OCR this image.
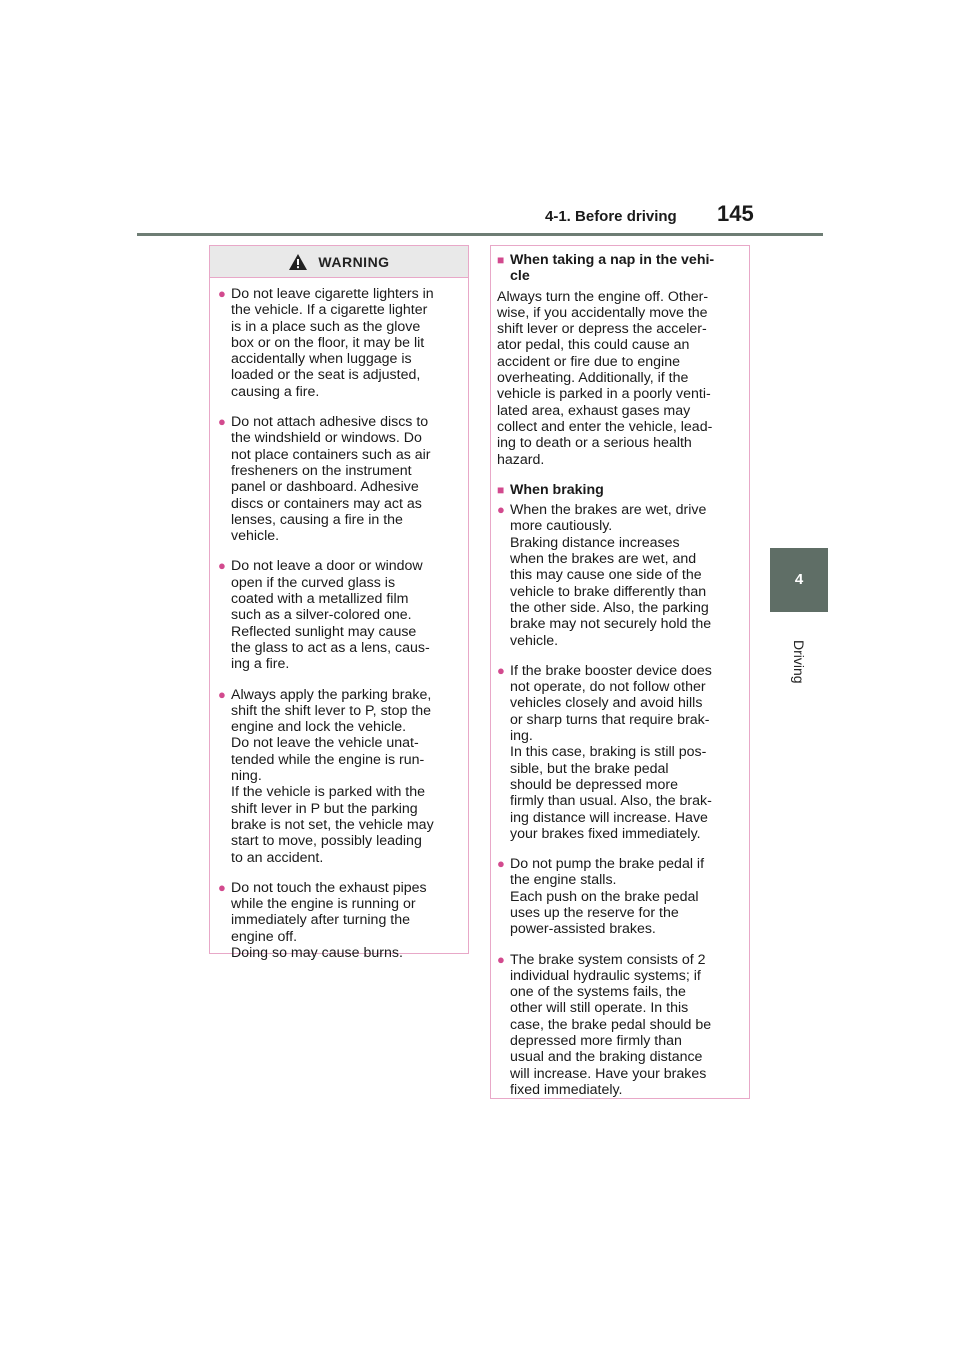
4-1. Before driving 145
4
Driving
WARNING
● Do not leave cigarette lighters in
the vehicle. If a cigarette lighter
is in a place such as the glove
box or on the floor, it may be lit
accidentally when luggage is
loaded or the seat is adjusted,
causing a fire.
● Do not attach adhesive discs to
the windshield or windows. Do
not place containers such as air
fresheners on the instrument
panel or dashboard. Adhesive
discs or containers may act as
lenses, causing a fire in the
vehicle.
● Do not leave a door or window
open if the curved glass is
coated with a metallized film
such as a silver-colored one.
Reflected sunlight may cause
the glass to act as a lens, caus-
ing a fire.
● Always apply the parking brake,
shift the shift lever to P, stop the
engine and lock the vehicle.
Do not leave the vehicle unat-
tended while the engine is run-
ning.
If the vehicle is parked with the
shift lever in P but the parking
brake is not set, the vehicle may
start to move, possibly leading
to an accident.
● Do not touch the exhaust pipes
while the engine is running or
immediately after turning the
engine off.
Doing so may cause burns.
■ When taking a nap in the vehi-
cle
Always turn the engine off. Other-
wise, if you accidentally move the
shift lever or depress the acceler-
ator pedal, this could cause an
accident or fire due to engine
overheating. Additionally, if the
vehicle is parked in a poorly venti-
lated area, exhaust gases may
collect and enter the vehicle, lead-
ing to death or a serious health
hazard.
■ When braking
● When the brakes are wet, drive
more cautiously.
Braking distance increases
when the brakes are wet, and
this may cause one side of the
vehicle to brake differently than
the other side. Also, the parking
brake may not securely hold the
vehicle.
● If the brake booster device does
not operate, do not follow other
vehicles closely and avoid hills
or sharp turns that require brak-
ing.
In this case, braking is still pos-
sible, but the brake pedal
should be depressed more
firmly than usual. Also, the brak-
ing distance will increase. Have
your brakes fixed immediately.
● Do not pump the brake pedal if
the engine stalls.
Each push on the brake pedal
uses up the reserve for the
power-assisted brakes.
● The brake system consists of 2
individual hydraulic systems; if
one of the systems fails, the
other will still operate. In this
case, the brake pedal should be
depressed more firmly than
usual and the braking distance
will increase. Have your brakes
fixed immediately.
